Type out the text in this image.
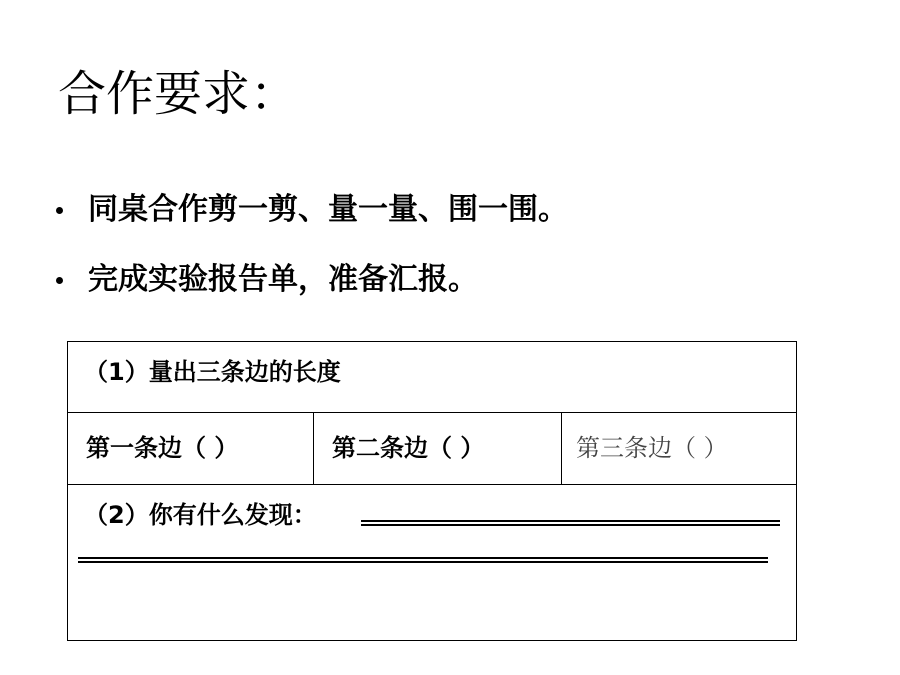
合作要求：
同桌合作剪一剪、量一量、围一围。
完成实验报告单，准备汇报。
（1）量出三条边的长度
第一条边（ ）	第二条边（ ）	第三条边（ ）
（2）你有什么发现：
